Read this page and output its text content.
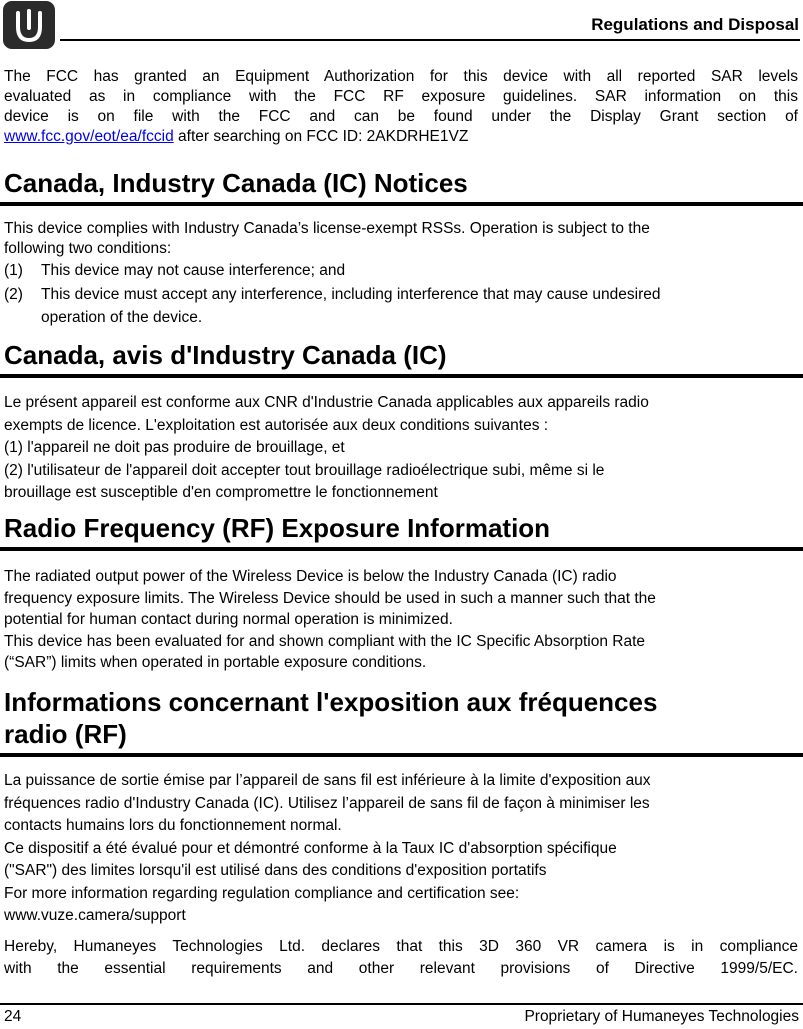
Regulations and Disposal
The FCC has granted an Equipment Authorization for this device with all reported SAR levels
evaluated as in compliance with the FCC RF exposure guidelines. SAR information on this
device is on file with the FCC and can be found under the Display Grant section of
www.fcc.gov/eot/ea/fccid after searching on FCC ID: 2AKDRHE1VZ
Canada, Industry Canada (IC) Notices
This device complies with Industry Canada’s license-exempt RSSs. Operation is subject to the
following two conditions:
(1) This device may not cause interference; and
(2) This device must accept any interference, including interference that may cause undesired
operation of the device.
Canada, avis d'Industry Canada (IC)
Le présent appareil est conforme aux CNR d'Industrie Canada applicables aux appareils radio
exempts de licence. L'exploitation est autorisée aux deux conditions suivantes :
(1) l'appareil ne doit pas produire de brouillage, et
(2) l'utilisateur de l'appareil doit accepter tout brouillage radioélectrique subi, même si le
brouillage est susceptible d'en compromettre le fonctionnement
Radio Frequency (RF) Exposure Information
The radiated output power of the Wireless Device is below the Industry Canada (IC) radio
frequency exposure limits. The Wireless Device should be used in such a manner such that the
potential for human contact during normal operation is minimized.
This device has been evaluated for and shown compliant with the IC Specific Absorption Rate
(“SAR”) limits when operated in portable exposure conditions.
Informations concernant l'exposition aux fréquences
radio (RF)
La puissance de sortie émise par l’appareil de sans fil est inférieure à la limite d'exposition aux
fréquences radio d'Industry Canada (IC). Utilisez l’appareil de sans fil de façon à minimiser les
contacts humains lors du fonctionnement normal.
Ce dispositif a été évalué pour et démontré conforme à la Taux IC d'absorption spécifique
("SAR") des limites lorsqu'il est utilisé dans des conditions d'exposition portatifs
For more information regarding regulation compliance and certification see:
www.vuze.camera/support
Hereby, Humaneyes Technologies Ltd. declares that this 3D 360 VR camera is in compliance
with the essential requirements and other relevant provisions of Directive 1999/5/EC.
24	Proprietary of Humaneyes Technologies
